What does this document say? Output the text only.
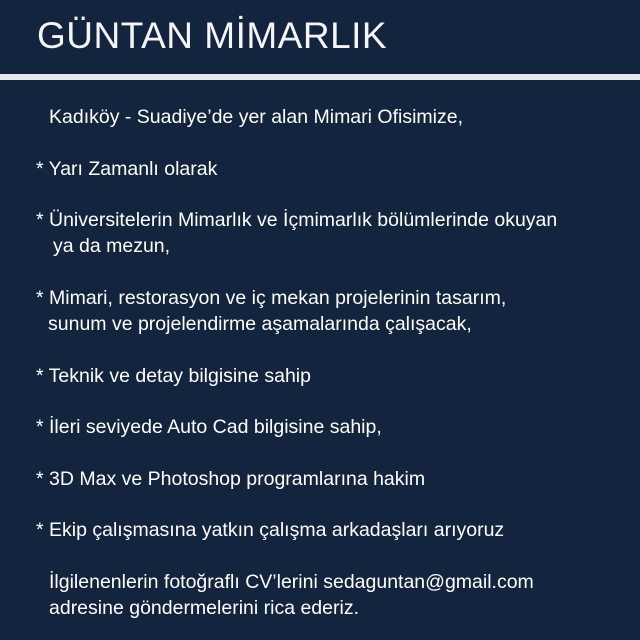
GÜNTAN MİMARLIK

Kadıköy - Suadiye’de yer alan Mimari Ofisimize,

* Yarı Zamanlı olarak

* Üniversitelerin Mimarlık ve İçmimarlık bölümlerinde okuyan

ya da mezun,

* Mimari, restorasyon ve iç mekan projelerinin tasarım,

sunum ve projelendirme aşamalarında çalışacak,

* Teknik ve detay bilgisine sahip

* İleri seviyede Auto Cad bilgisine sahip,

* 3D Max ve Photoshop programlarına hakim

* Ekip çalışmasına yatkın çalışma arkadaşları arıyoruz

İlgilenenlerin fotoğraflı CV’lerini sedaguntan@gmail.com

adresine göndermelerini rica ederiz.
